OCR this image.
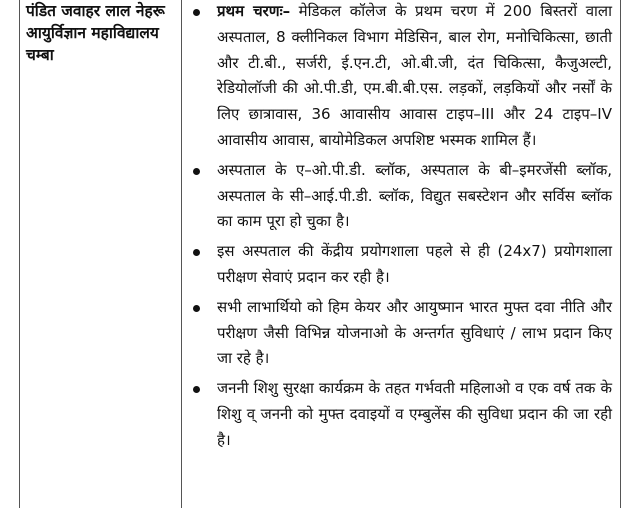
पंडित जवाहर लाल नेहरू आयुर्विज्ञान महाविद्यालय चम्बा

प्रथम चरणः– मेडिकल कॉलेज के प्रथम चरण में 200 बिस्तरों वाला अस्पताल, 8 क्लीनिकल विभाग मेडिसिन, बाल रोग, मनोचिकित्सा, छाती और टी.बी., सर्जरी, ई.एन.टी, ओ.बी.जी, दंत चिकित्सा, कैजुअल्टी, रेडियोलॉजी की ओ.पी.डी, एम.बी.बी.एस. लड़कों, लड़कियों और नर्सों के लिए छात्रावास, 36 आवासीय आवास टाइप–III और 24 टाइप–IV आवासीय आवास, बायोमेडिकल अपशिष्ट भस्मक शामिल हैं।
अस्पताल के ए–ओ.पी.डी. ब्लॉक, अस्पताल के बी–इमरजेंसी ब्लॉक, अस्पताल के सी–आई.पी.डी. ब्लॉक, विद्युत सबस्टेशन और सर्विस ब्लॉक का काम पूरा हो चुका है।
इस अस्पताल की केंद्रीय प्रयोगशाला पहले से ही (24x7) प्रयोगशाला परीक्षण सेवाएं प्रदान कर रही है।
सभी लाभार्थियो को हिम केयर और आयुष्मान भारत मुफ्त दवा नीति और परीक्षण जैसी विभिन्न योजनाओ के अन्तर्गत सुविधाएं / लाभ प्रदान किए जा रहे है।
जननी शिशु सुरक्षा कार्यक्रम के तहत गर्भवती महिलाओ व एक वर्ष तक के शिशु व् जननी को मुफ्त दवाइयों व एम्बुलेंस की सुविधा प्रदान की जा रही है।
